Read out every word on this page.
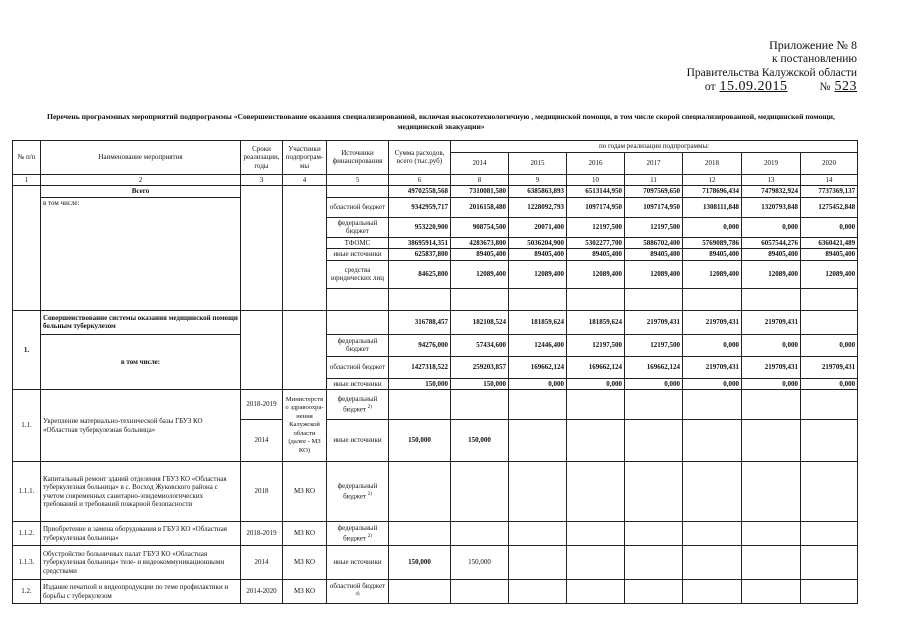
Приложение № 8
к постановлению
Правительства Калужской области
от 15.09.2015	№ 523
Перечень программных мероприятий подпрограммы «Совершенствование оказания специализированной, включая высокотехнологичную , медицинской помощи, в том числе скорой специализированной, медицинской помощи, медицинской эвакуации»
№ п/п	Наименование мероприятия	Сроки реализации, годы	Участники подпрограм-мы	Источники финансирования	Сумма расходов, всего (тыс.руб)	по годам реализации подпрограммы:						
						2014	2015	2016	2017	2018	2019	2020
1	2	3	4	5	6	8	9	10	11	12	13	14
	Всего				49702558,568	7310081,580	6385863,893	6513144,950	7097569,650	7178696,434	7479832,924	7737369,137
	в том числе:			областной бюджет	9342959,717	2016158,480	1228092,793	1097174,950	1097174,950	1308111,848	1320793,848	1275452,848
				федеральный бюджет	953220,900	908754,500	20071,400	12197,500	12197,500	0,000	0,000	0,000
				ТФОМС	38695914,351	4283673,800	5036204,900	5302277,700	5886702,400	5769089,786	6057544,276	6360421,489
				иные источники	625837,800	89405,400	89405,400	89405,400	89405,400	89405,400	89405,400	89405,400
				средства юридических лиц	84625,800	12089,400	12089,400	12089,400	12089,400	12089,400	12089,400	12089,400

1.	Совершенствование системы оказания медицинской помощи больным туберкулезом				316788,457	182108,524	181859,624	181859,624	219709,431	219709,431	219709,431	
	в том числе:			федеральный бюджет	94276,000	57434,600	12446,400	12197,500	12197,500	0,000	0,000	0,000
				областной бюджет	1427318,522	259203,857	169662,124	169662,124	169662,124	219709,431	219709,431	219709,431
				иные источники	150,000	150,000	0,000	0,000	0,000	0,000	0,000	0,000
1.1.	Укрепление материально-технической базы ГБУЗ КО «Областная туберкулезная больница»	2018-2019	Министерство здравоохра-нения Калужской области (далее - МЗ КО)	федеральный бюджет $^{2)}$								
		2014		иные источники	150,000	150,000						
1.1.1.	Капитальный ремонт зданий отделения ГБУЗ КО «Областная туберкулезная больница» в с. Восход Жуковского района с учетом современных санитарно-эпидемиологических требований и требований пожарной безопасности	2018	МЗ КО	федеральный бюджет $^{2)}$								
1.1.2.	Приобретение и замена оборудования в ГБУЗ КО «Областная туберкулезная больница»	2018-2019	МЗ КО	федеральный бюджет $^{2)}$								
1.1.3.	Обустройство больничных палат ГБУЗ КО «Областная туберкулезная больница» теле- и видеокоммуникационными средствами	2014	МЗ КО	иные источники	150,000	150,000						
1.2.	Издание печатной и видеопродукции по теме профилактики и борьбы с туберкулезом	2014-2020	МЗ КО	областной бюджет $^{4)}$								
